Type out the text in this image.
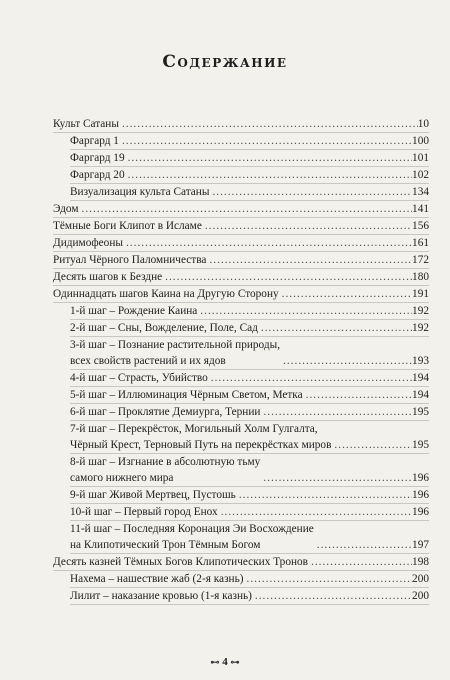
Содержание
Культ Сатаны .....	10
Фаргард 1 .....	100
Фаргард 19 .....	101
Фаргард 20 .....	102
Визуализация культа Сатаны .....	134
Эдом .....	141
Тёмные Боги Клипот в Исламе .....	156
Дидимофеоны .....	161
Ритуал Чёрного Паломничества .....	172
Десять шагов к Бездне .....	180
Одиннадцать шагов Каина на Другую Сторону .....	191
1-й шаг – Рождение Каина .....	192
2-й шаг – Сны, Вожделение, Поле, Сад .....	192
3-й шаг – Познание растительной природы,
всех свойств растений и их ядов .....	193
4-й шаг – Страсть, Убийство .....	194
5-й шаг – Иллюминация Чёрным Светом, Метка .....	194
6-й шаг – Проклятие Демиурга, Тернии .....	195
7-й шаг – Перекрёсток, Могильный Холм Гулгалта,
Чёрный Крест, Терновый Путь на перекрёстках миров .....	195
8-й шаг – Изгнание в абсолютную тьму
самого нижнего мира .....	196
9-й шаг Живой Мертвец, Пустошь .....	196
10-й шаг – Первый город Енох .....	196
11-й шаг – Последняя Коронация Эи Восхождение
на Клипотический Трон Тёмным Богом .....	197
Десять казней Тёмных Богов Клипотических Тронов .....	198
Нахема – нашествие жаб (2-я казнь) .....	200
Лилит – наказание кровью (1-я казнь) .....	200
⊷ 4 ⊶
